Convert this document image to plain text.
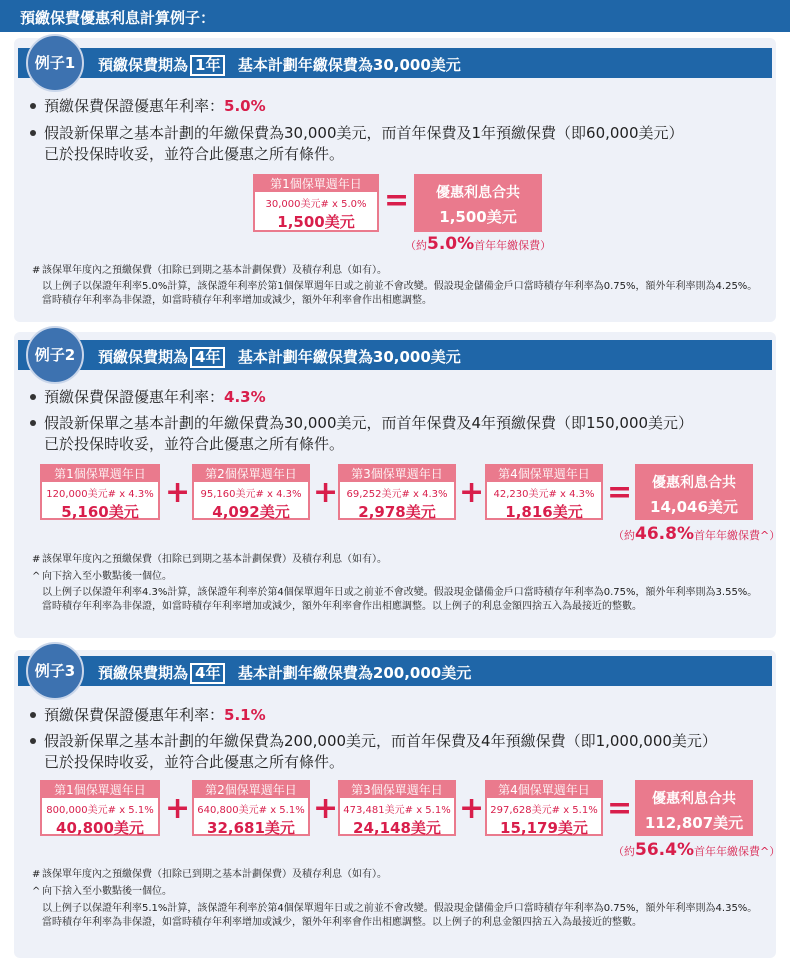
預繳保費優惠利息計算例子：
預繳保費期為 1年 基本計劃年繳保費為30,000美元
例子1
預繳保費保證優惠年利率：5.0%
假設新保單之基本計劃的年繳保費為30,000美元，而首年保費及1年預繳保費（即60,000美元）
已於投保時收妥，並符合此優惠之所有條件。
第1個保單週年日
30,000美元# x 5.0%
1,500美元
=	優惠利息合共
1,500美元
（約5.0%首年年繳保費）
# 該保單年度內之預繳保費（扣除已到期之基本計劃保費）及積存利息（如有）。
以上例子以保證年利率5.0%計算，該保證年利率於第1個保單週年日或之前並不會改變。假設現金儲備金戶口當時積存年利率為0.75%，額外年利率則為4.25%。當時積存年利率為非保證，如當時積存年利率增加或減少，額外年利率會作出相應調整。
預繳保費期為 4年 基本計劃年繳保費為30,000美元
例子2
預繳保費保證優惠年利率：4.3%
假設新保單之基本計劃的年繳保費為30,000美元，而首年保費及4年預繳保費（即150,000美元）
已於投保時收妥，並符合此優惠之所有條件。
第1個保單週年日
120,000美元# x 4.3%
5,160美元
+
第2個保單週年日
95,160美元# x 4.3%
4,092美元
+
第3個保單週年日
69,252美元# x 4.3%
2,978美元
+
第4個保單週年日
42,230美元# x 4.3%
1,816美元
=	優惠利息合共
14,046美元
（約46.8%首年年繳保費^）
# 該保單年度內之預繳保費（扣除已到期之基本計劃保費）及積存利息（如有）。
^ 向下捨入至小數點後一個位。
以上例子以保證年利率4.3%計算，該保證年利率於第4個保單週年日或之前並不會改變。假設現金儲備金戶口當時積存年利率為0.75%，額外年利率則為3.55%。當時積存年利率為非保證，如當時積存年利率增加或減少，額外年利率會作出相應調整。以上例子的利息金額四捨五入為最接近的整數。
預繳保費期為 4年 基本計劃年繳保費為200,000美元
例子3
預繳保費保證優惠年利率：5.1%
假設新保單之基本計劃的年繳保費為200,000美元，而首年保費及4年預繳保費（即1,000,000美元）
已於投保時收妥，並符合此優惠之所有條件。
第1個保單週年日
800,000美元# x 5.1%
40,800美元
+
第2個保單週年日
640,800美元# x 5.1%
32,681美元
+
第3個保單週年日
473,481美元# x 5.1%
24,148美元
+
第4個保單週年日
297,628美元# x 5.1%
15,179美元
=	優惠利息合共
112,807美元
（約56.4%首年年繳保費^）
# 該保單年度內之預繳保費（扣除已到期之基本計劃保費）及積存利息（如有）。
^ 向下捨入至小數點後一個位。
以上例子以保證年利率5.1%計算，該保證年利率於第4個保單週年日或之前並不會改變。假設現金儲備金戶口當時積存年利率為0.75%，額外年利率則為4.35%。當時積存年利率為非保證，如當時積存年利率增加或減少，額外年利率會作出相應調整。以上例子的利息金額四捨五入為最接近的整數。
